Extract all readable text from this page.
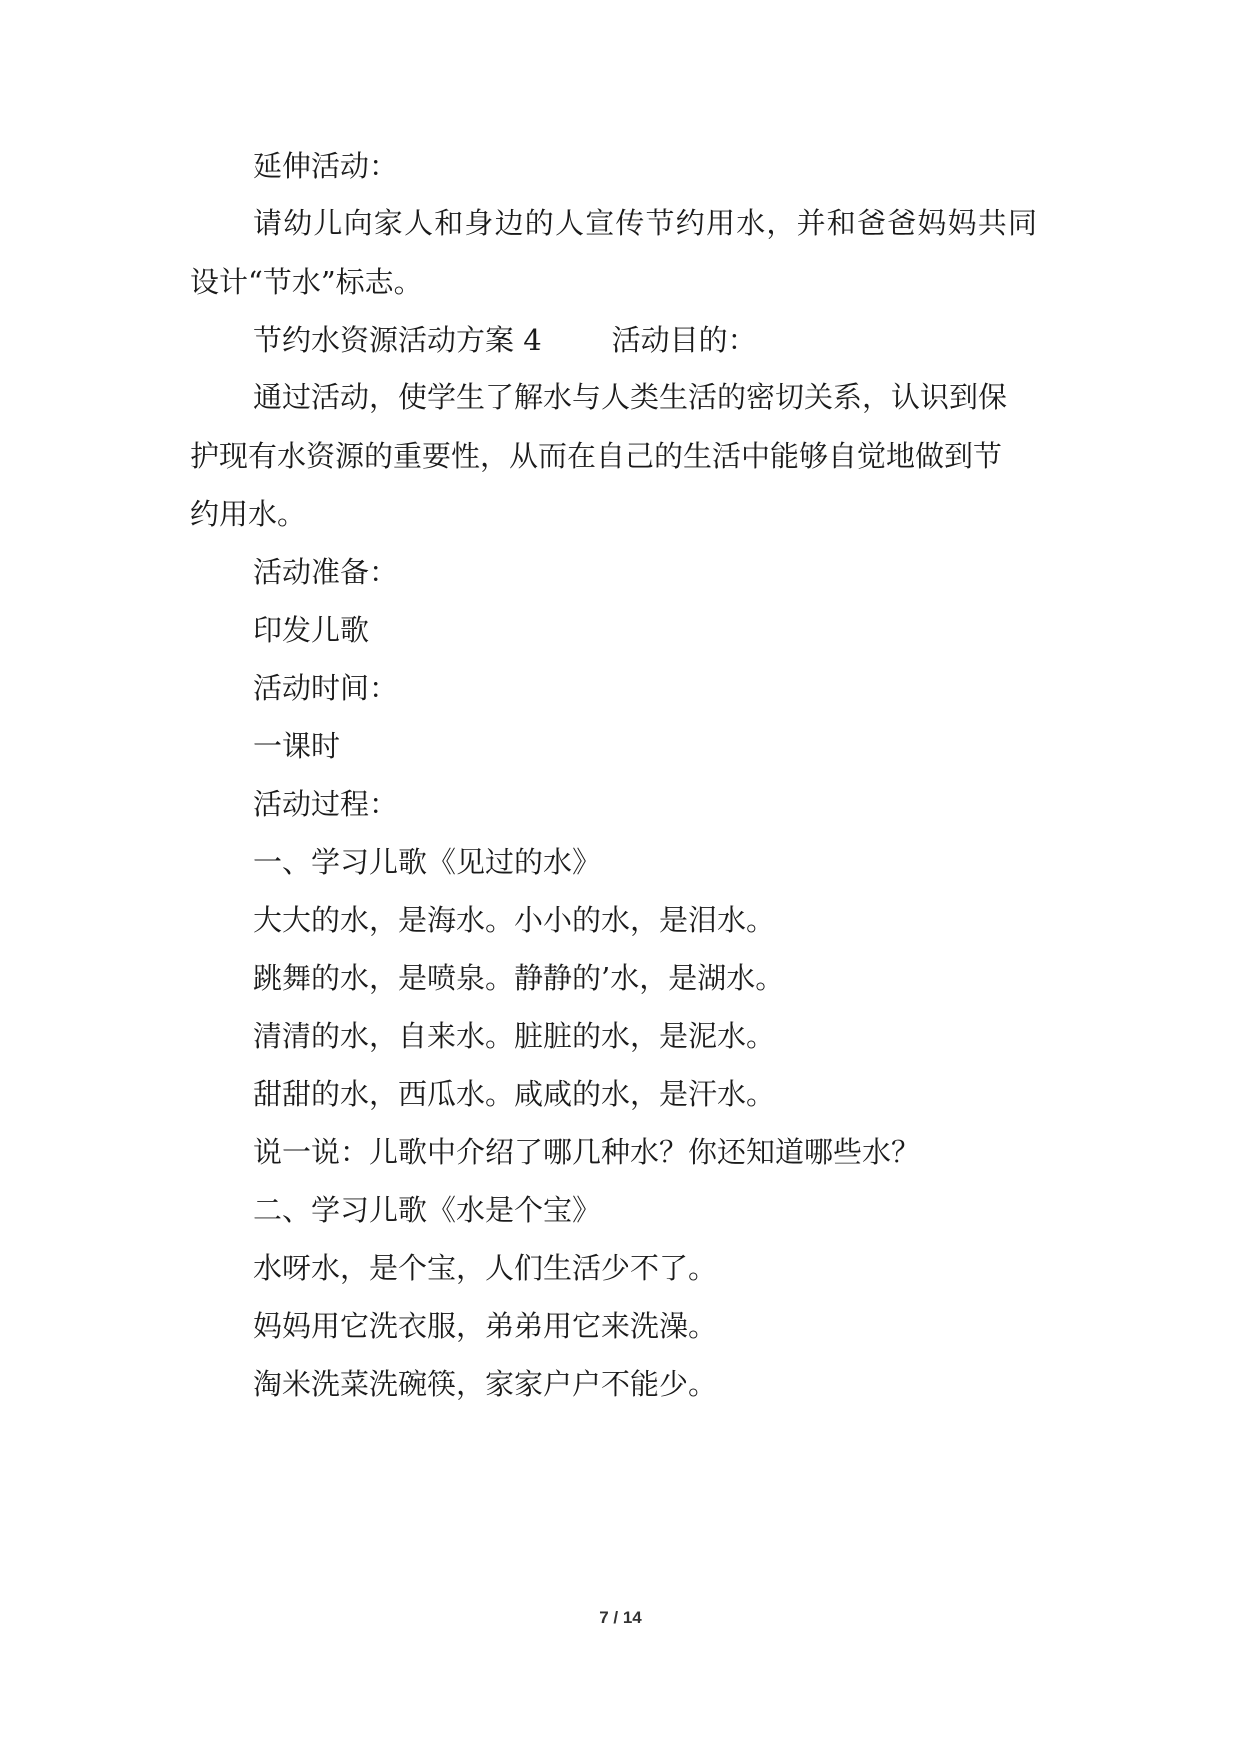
延伸活动：
请幼儿向家人和身边的人宣传节约用水，并和爸爸妈妈共同
设计“节水”标志。
节约水资源活动方案 4 活动目的：
通过活动，使学生了解水与人类生活的密切关系，认识到保
护现有水资源的重要性，从而在自己的生活中能够自觉地做到节
约用水。
活动准备：
印发儿歌
活动时间：
一课时
活动过程：
一、学习儿歌《见过的水》
大大的水，是海水。小小的水，是泪水。
跳舞的水，是喷泉。静静的’水，是湖水。
清清的水，自来水。脏脏的水，是泥水。
甜甜的水，西瓜水。咸咸的水，是汗水。
说一说：儿歌中介绍了哪几种水？你还知道哪些水？
二、学习儿歌《水是个宝》
水呀水，是个宝，人们生活少不了。
妈妈用它洗衣服，弟弟用它来洗澡。
淘米洗菜洗碗筷，家家户户不能少。
7 / 14
